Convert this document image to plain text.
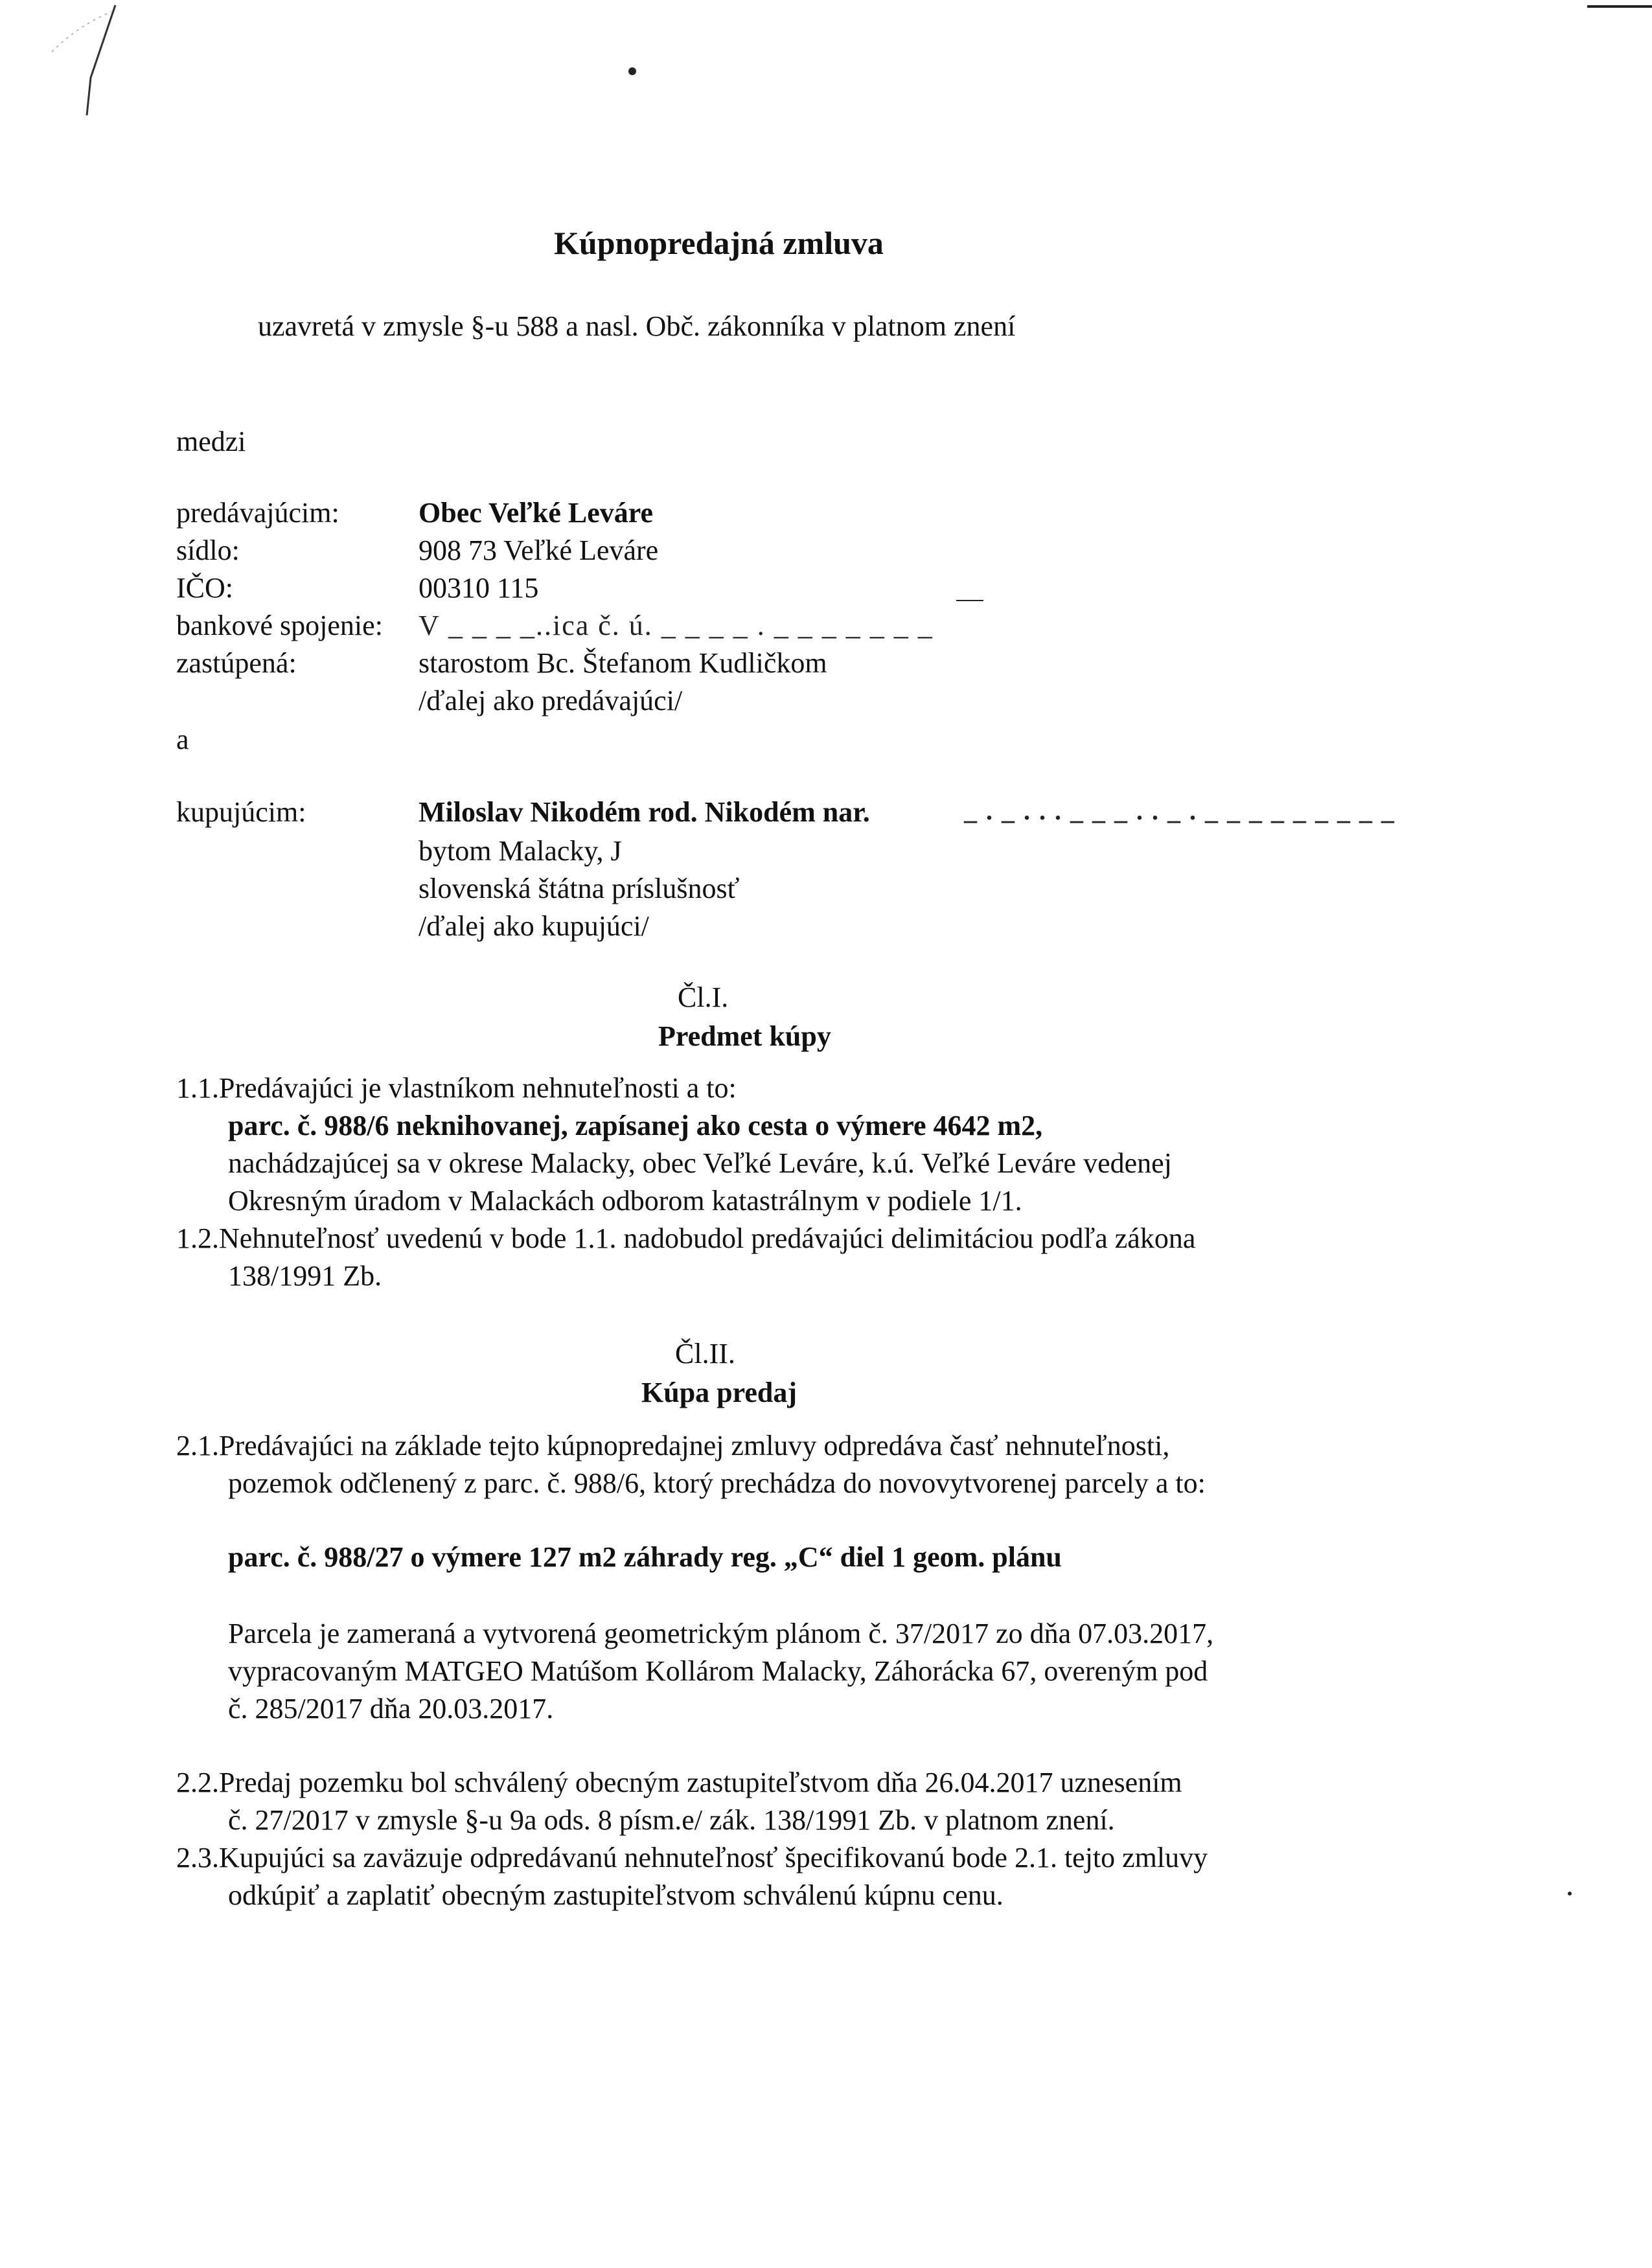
Kúpnopredajná zmluva
uzavretá v zmysle §-u 588 a nasl. Obč. zákonníka v platnom znení
medzi
predávajúcim:	Obec Veľké Leváre
sídlo:	908 73 Veľké Leváre
IČO:	00310 115
bankové spojenie: V _ _ _ _..ica č. ú. _ _ _ _ . _ _ _ _ _ _ _
zastúpená:	starostom Bc. Štefanom Kudličkom
/ďalej ako predávajúci/
a
kupujúcim:	Miloslav Nikodém rod. Nikodém nar.	_ . _ . . . _ _ _ . . _ . _ _ _ _ _ _ _ _ _
bytom Malacky, J
slovenská štátna príslušnosť
/ďalej ako kupujúci/
Čl.I.
Predmet kúpy
1.1.Predávajúci je vlastníkom nehnuteľnosti a to:
parc. č. 988/6 neknihovanej, zapísanej ako cesta o výmere 4642 m2,
nachádzajúcej sa v okrese Malacky, obec Veľké Leváre, k.ú. Veľké Leváre vedenej
Okresným úradom v Malackách odborom katastrálnym v podiele 1/1.
1.2.Nehnuteľnosť uvedenú v bode 1.1. nadobudol predávajúci delimitáciou podľa zákona
138/1991 Zb.
Čl.II.
Kúpa predaj
2.1.Predávajúci na základe tejto kúpnopredajnej zmluvy odpredáva časť nehnuteľnosti,
pozemok odčlenený z parc. č. 988/6, ktorý prechádza do novovytvorenej parcely a to:
parc. č. 988/27 o výmere 127 m2 záhrady reg. „C“ diel 1 geom. plánu
Parcela je zameraná a vytvorená geometrickým plánom č. 37/2017 zo dňa 07.03.2017,
vypracovaným MATGEO Matúšom Kollárom Malacky, Záhorácka 67, overeným pod
č. 285/2017 dňa 20.03.2017.
2.2.Predaj pozemku bol schválený obecným zastupiteľstvom dňa 26.04.2017 uznesením
č. 27/2017 v zmysle §-u 9a ods. 8 písm.e/ zák. 138/1991 Zb. v platnom znení.
2.3.Kupujúci sa zaväzuje odpredávanú nehnuteľnosť špecifikovanú bode 2.1. tejto zmluvy
odkúpiť a zaplatiť obecným zastupiteľstvom schválenú kúpnu cenu.
